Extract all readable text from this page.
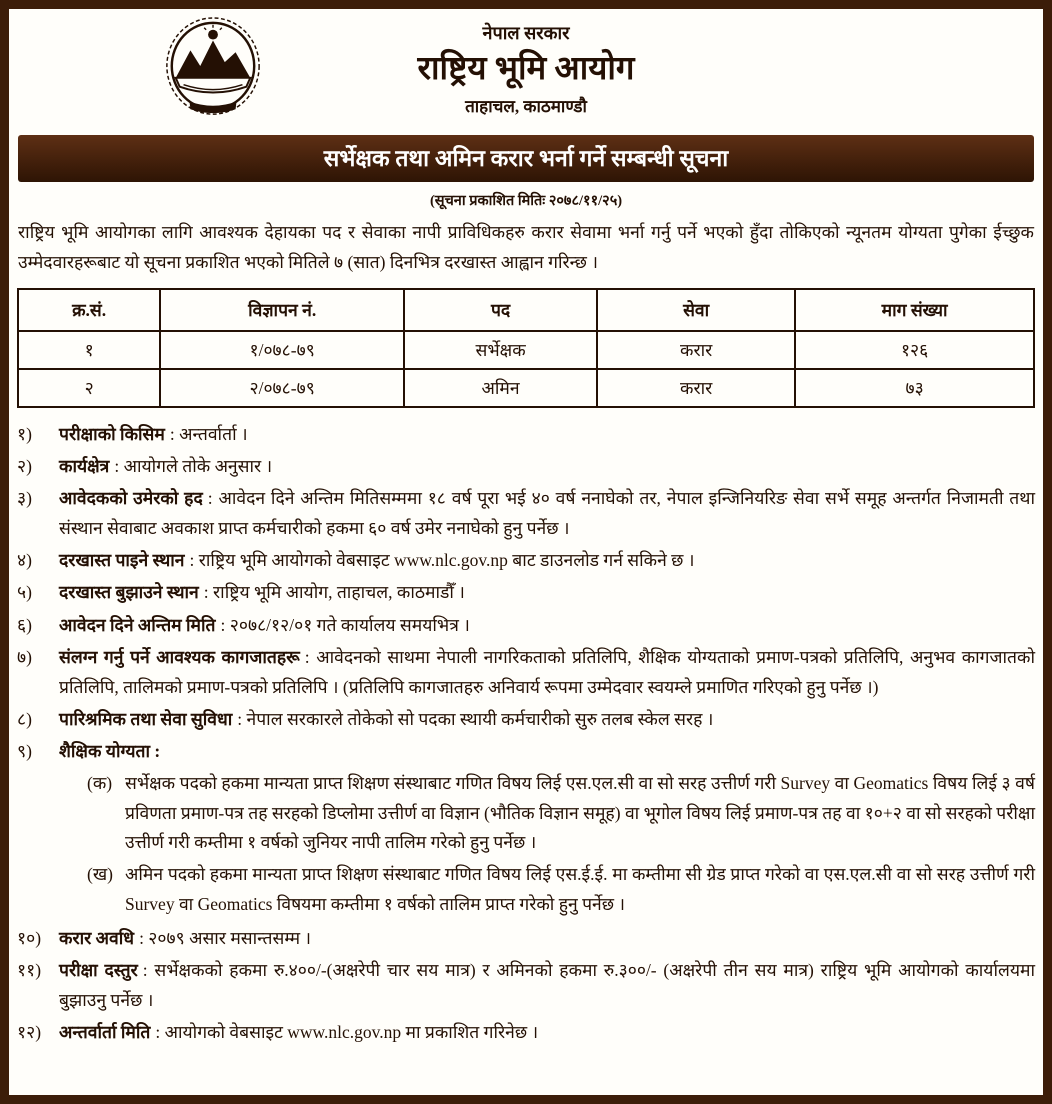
नेपाल सरकार
राष्ट्रिय भूमि आयोग
ताहाचल, काठमाण्डौ
सर्भेक्षक तथा अमिन करार भर्ना गर्ने सम्बन्धी सूचना
(सूचना प्रकाशित मितिः २०७८/११/२५)

राष्ट्रिय भूमि आयोगका लागि आवश्यक देहायका पद र सेवाका नापी प्राविधिकहरु करार सेवामा भर्ना गर्नु पर्ने भएको हुँदा तोकिएको न्यूनतम योग्यता पुगेका ईच्छुक उम्मेदवारहरूबाट यो सूचना प्रकाशित भएको मितिले ७ (सात) दिनभित्र दरखास्त आह्वान गरिन्छ ।

क्र.सं.	विज्ञापन नं.	पद	सेवा	माग संख्या
१	१/०७८-७९	सर्भेक्षक	करार	१२६
२	२/०७८-७९	अमिन	करार	७३
१)	परीक्षाको किसिम : अन्तर्वार्ता ।
२)	कार्यक्षेत्र : आयोगले तोके अनुसार ।
३)	आवेदकको उमेरको हद : आवेदन दिने अन्तिम मितिसम्ममा १८ वर्ष पूरा भई ४० वर्ष ननाघेको तर, नेपाल इन्जिनियरिङ सेवा सर्भे समूह अन्तर्गत निजामती तथा संस्थान सेवाबाट अवकाश प्राप्त कर्मचारीको हकमा ६० वर्ष उमेर ननाघेको हुनु पर्नेछ ।
४)	दरखास्त पाइने स्थान : राष्ट्रिय भूमि आयोगको वेबसाइट www.nlc.gov.np बाट डाउनलोड गर्न सकिने छ ।
५)	दरखास्त बुझाउने स्थान : राष्ट्रिय भूमि आयोग, ताहाचल, काठमाडौँ ।
६)	आवेदन दिने अन्तिम मिति : २०७८/१२/०१ गते कार्यालय समयभित्र ।
७)	संलग्न गर्नु पर्ने आवश्यक कागजातहरू : आवेदनको साथमा नेपाली नागरिकताको प्रतिलिपि, शैक्षिक योग्यताको प्रमाण-पत्रको प्रतिलिपि, अनुभव कागजातको प्रतिलिपि, तालिमको प्रमाण-पत्रको प्रतिलिपि । (प्रतिलिपि कागजातहरु अनिवार्य रूपमा उम्मेदवार स्वयम्ले प्रमाणित गरिएको हुनु पर्नेछ ।)
८)	पारिश्रमिक तथा सेवा सुविधा : नेपाल सरकारले तोकेको सो पदका स्थायी कर्मचारीको सुरु तलब स्केल सरह ।
९)	शैक्षिक योग्यता :
(क) सर्भेक्षक पदको हकमा मान्यता प्राप्त शिक्षण संस्थाबाट गणित विषय लिई एस.एल.सी वा सो सरह उत्तीर्ण गरी Survey वा Geomatics विषय लिई ३ वर्ष प्रविणता प्रमाण-पत्र तह सरहको डिप्लोमा उत्तीर्ण वा विज्ञान (भौतिक विज्ञान समूह) वा भूगोल विषय लिई प्रमाण-पत्र तह वा १०+२ वा सो सरहको परीक्षा उत्तीर्ण गरी कम्तीमा १ वर्षको जुनियर नापी तालिम गरेको हुनु पर्नेछ ।
(ख) अमिन पदको हकमा मान्यता प्राप्त शिक्षण संस्थाबाट गणित विषय लिई एस.ई.ई. मा कम्तीमा सी ग्रेड प्राप्त गरेको वा एस.एल.सी वा सो सरह उत्तीर्ण गरी Survey वा Geomatics विषयमा कम्तीमा १ वर्षको तालिम प्राप्त गरेको हुनु पर्नेछ ।
१०)	करार अवधि : २०७९ असार मसान्तसम्म ।
११)	परीक्षा दस्तुर : सर्भेक्षकको हकमा रु.४००/-(अक्षरेपी चार सय मात्र) र अमिनको हकमा रु.३००/- (अक्षरेपी तीन सय मात्र) राष्ट्रिय भूमि आयोगको कार्यालयमा बुझाउनु पर्नेछ ।
१२)	अन्तर्वार्ता मिति : आयोगको वेबसाइट www.nlc.gov.np मा प्रकाशित गरिनेछ ।
